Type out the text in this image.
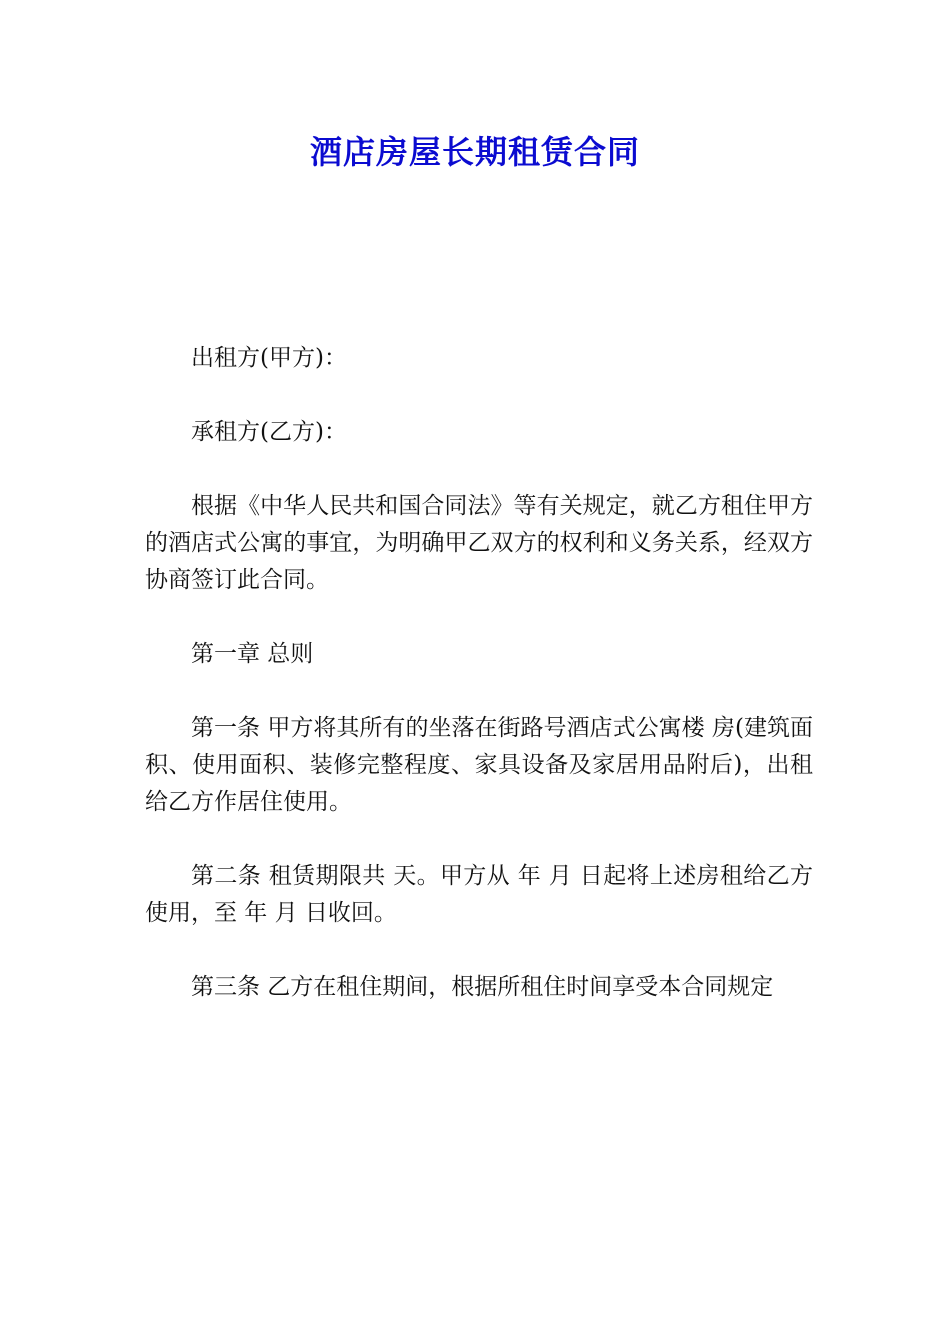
酒店房屋长期租赁合同

出租方(甲方)：

承租方(乙方)：

根据《中华人民共和国合同法》等有关规定，就乙方租住甲方的酒店式公寓的事宜，为明确甲乙双方的权利和义务关系，经双方协商签订此合同。

第一章 总则

第一条 甲方将其所有的坐落在街路号酒店式公寓楼 房(建筑面积、使用面积、装修完整程度、家具设备及家居用品附后)，出租给乙方作居住使用。

第二条 租赁期限共 天。甲方从 年 月 日起将上述房租给乙方使用，至 年 月 日收回。

第三条 乙方在租住期间，根据所租住时间享受本合同规定
